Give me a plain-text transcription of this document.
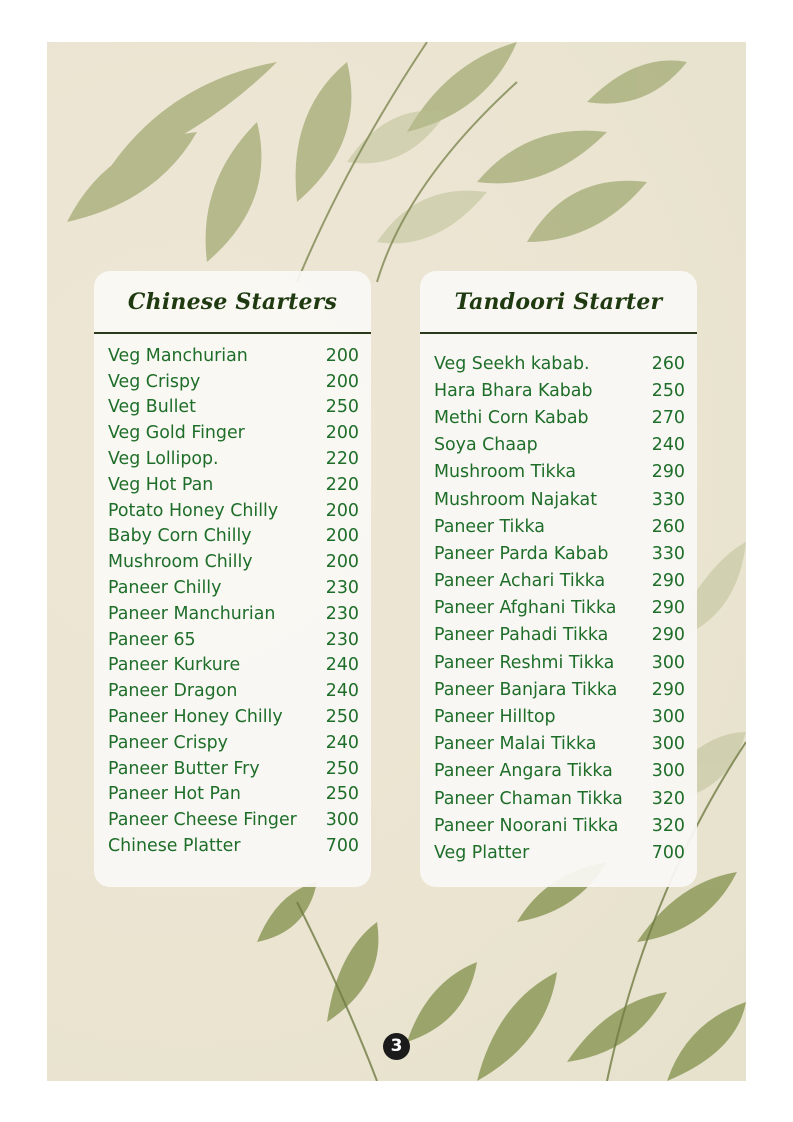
Chinese Starters
Veg Manchurian	200
Veg Crispy	200
Veg Bullet	250
Veg Gold Finger	200
Veg Lollipop.	220
Veg Hot Pan	220
Potato Honey Chilly	200
Baby Corn Chilly	200
Mushroom Chilly	200
Paneer Chilly	230
Paneer Manchurian	230
Paneer 65	230
Paneer Kurkure	240
Paneer Dragon	240
Paneer Honey Chilly 250
Paneer Crispy	240
Paneer Butter Fry	250
Paneer Hot Pan	250
Paneer Cheese Finger 300
Chinese Platter	700
Tandoori Starter
Veg Seekh kabab.	260
Hara Bhara Kabab	250
Methi Corn Kabab	270
Soya Chaap	240
Mushroom Tikka	290
Mushroom Najakat	330
Paneer Tikka	260
Paneer Parda Kabab 330
Paneer Achari Tikka	290
Paneer Afghani Tikka 290
Paneer Pahadi Tikka 290
Paneer Reshmi Tikka 300
Paneer Banjara Tikka 290
Paneer Hilltop	300
Paneer Malai Tikka	300
Paneer Angara Tikka 300
Paneer Chaman Tikka 320
Paneer Noorani Tikka 320
Veg Platter	700
3
